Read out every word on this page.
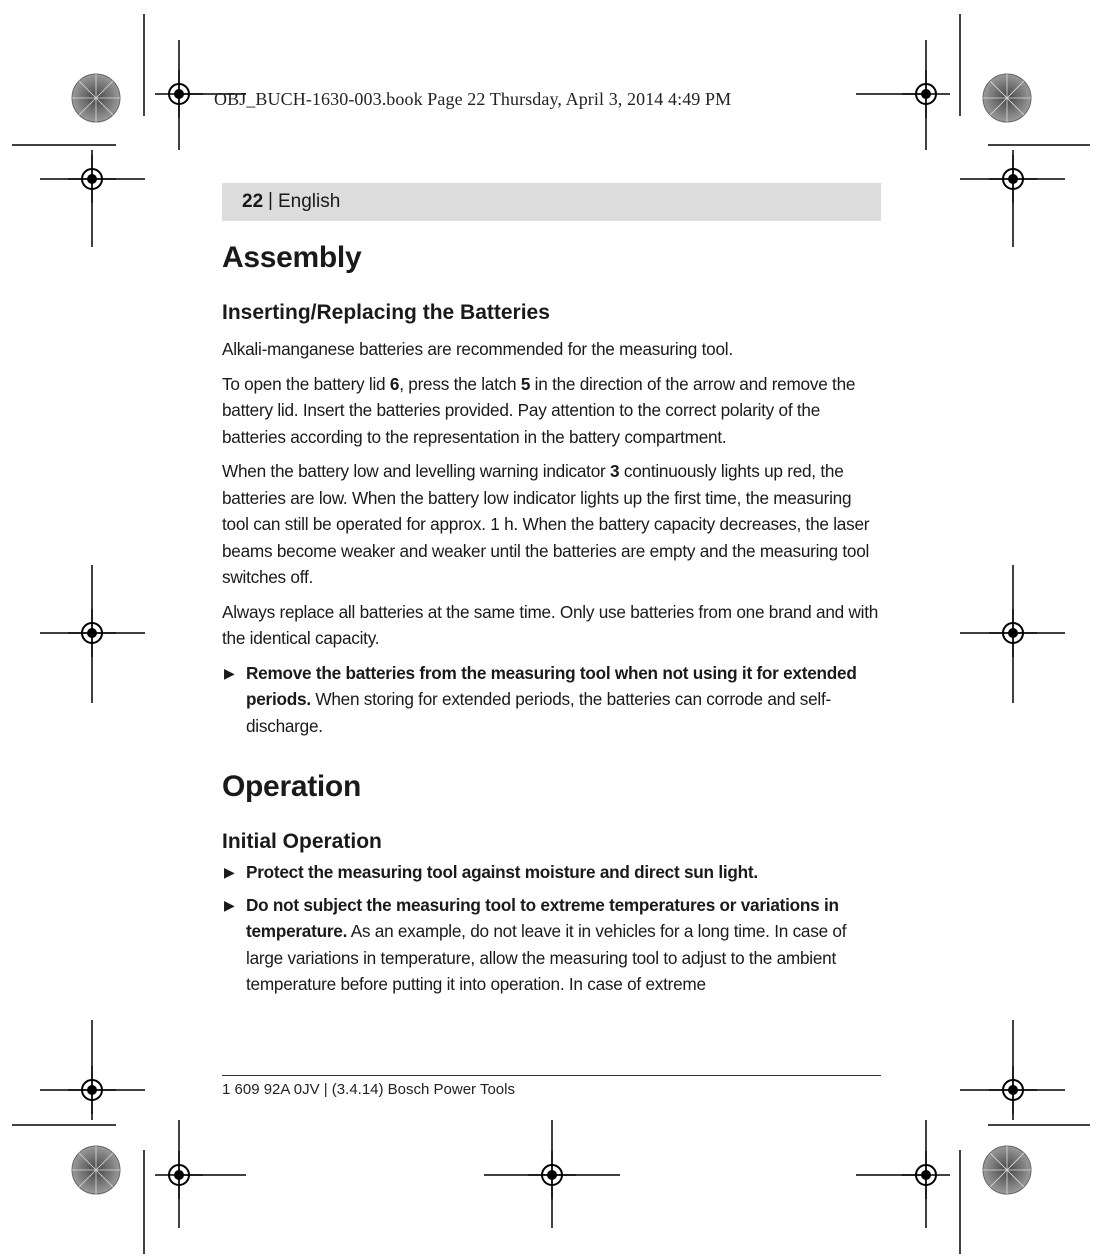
OBJ_BUCH-1630-003.book Page 22 Thursday, April 3, 2014 4:49 PM
22 | English
Assembly
Inserting/Replacing the Batteries

Alkali-manganese batteries are recommended for the measuring tool.

To open the battery lid 6, press the latch 5 in the direction of the arrow and remove the battery lid. Insert the batteries provided. Pay attention to the correct polarity of the batteries according to the representation in the battery compartment.

When the battery low and levelling warning indicator 3 continuously lights up red, the batteries are low. When the battery low indicator lights up the first time, the measuring tool can still be operated for approx. 1 h. When the battery capacity decreases, the laser beams become weaker and weaker until the batteries are empty and the measuring tool switches off.

Always replace all batteries at the same time. Only use batteries from one brand and with the identical capacity.

▶ Remove the batteries from the measuring tool when not using it for extended periods. When storing for extended periods, the batteries can corrode and self-discharge.
Operation
Initial Operation
▶ Protect the measuring tool against moisture and direct sun light.
▶ Do not subject the measuring tool to extreme temperatures or variations in temperature. As an example, do not leave it in vehicles for a long time. In case of large variations in temperature, allow the measuring tool to adjust to the ambient temperature before putting it into operation. In case of extreme
1 609 92A 0JV | (3.4.14) Bosch Power Tools
